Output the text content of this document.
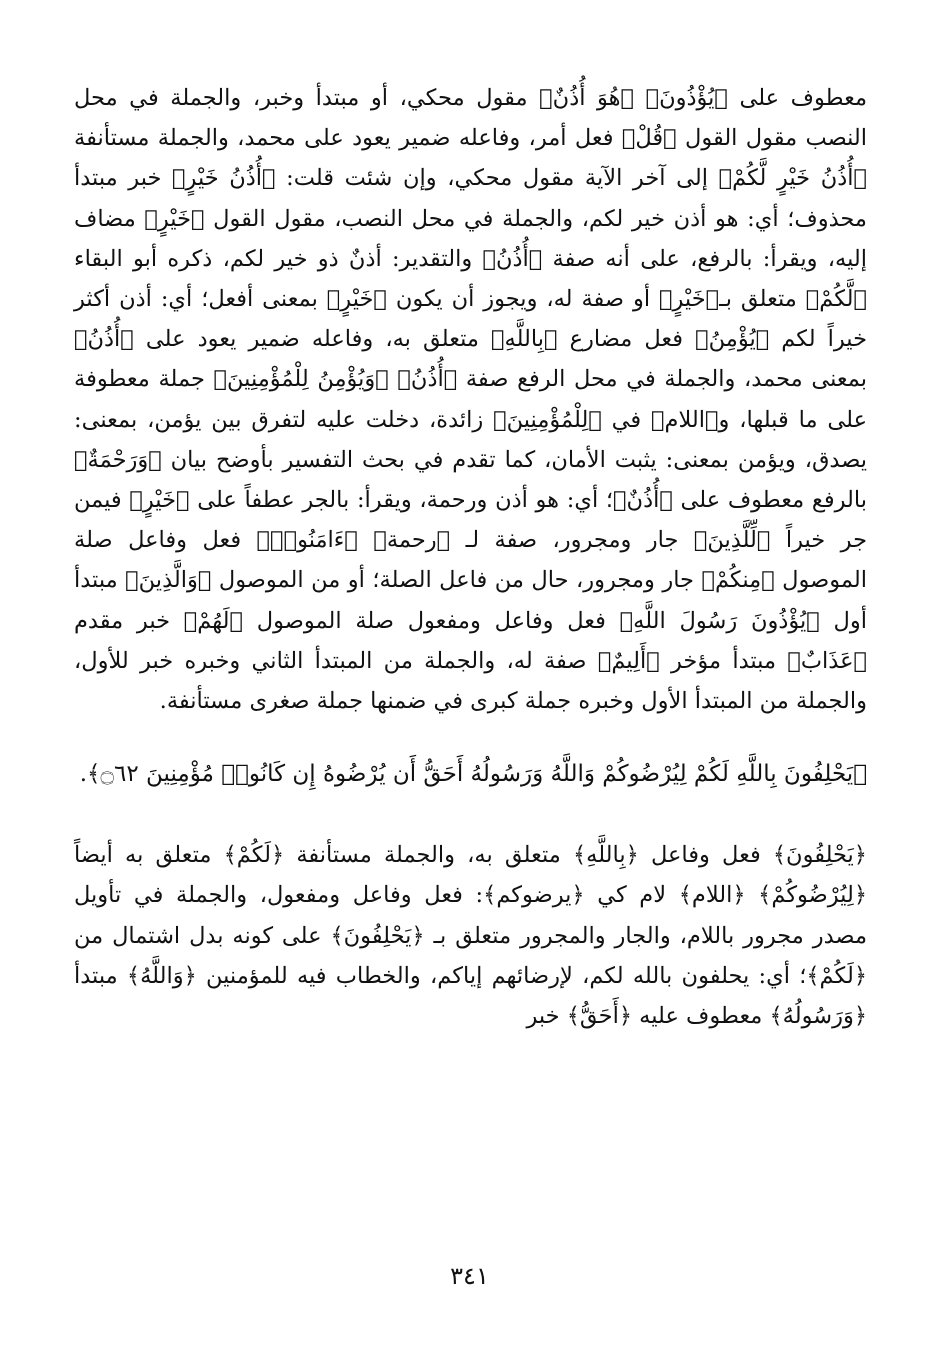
معطوف على ﴿يُؤْذُونَ﴾ ﴿هُوَ أُذُنٌ﴾ مقول محكي، أو مبتدأ وخبر، والجملة في محل النصب مقول القول ﴿قُلْ﴾ فعل أمر، وفاعله ضمير يعود على محمد، والجملة مستأنفة ﴿أُذُنُ خَيْرٍ لَّكُمْ﴾ إلى آخر الآية مقول محكي، وإن شئت قلت: ﴿أُذُنُ خَيْرٍ﴾ خبر مبتدأ محذوف؛ أي: هو أذن خير لكم، والجملة في محل النصب، مقول القول ﴿خَيْرٍ﴾ مضاف إليه، ويقرأ: بالرفع، على أنه صفة ﴿أُذُنُ﴾ والتقدير: أذنٌ ذو خير لكم، ذكره أبو البقاء ﴿لَّكُمْ﴾ متعلق بـ﴿خَيْرٍ﴾ أو صفة له، ويجوز أن يكون ﴿خَيْرٍ﴾ بمعنى أفعل؛ أي: أذن أكثر خيراً لكم ﴿يُؤْمِنُ﴾ فعل مضارع ﴿بِاللَّهِ﴾ متعلق به، وفاعله ضمير يعود على ﴿أُذُنُ﴾ بمعنى محمد، والجملة في محل الرفع صفة ﴿أُذُنُ﴾ ﴿وَيُؤْمِنُ لِلْمُؤْمِنِينَ﴾ جملة معطوفة على ما قبلها، و﴿اللام﴾ في ﴿لِلْمُؤْمِنِينَ﴾ زائدة، دخلت عليه لتفرق بين يؤمن، بمعنى: يصدق، ويؤمن بمعنى: يثبت الأمان، كما تقدم في بحث التفسير بأوضح بيان ﴿وَرَحْمَةٌ﴾ بالرفع معطوف على ﴿أُذُنٌ﴾؛ أي: هو أذن ورحمة، ويقرأ: بالجر عطفاً على ﴿خَيْرٍ﴾ فيمن جر خيراً ﴿لِّلَّذِينَ﴾ جار ومجرور، صفة لـ ﴿رحمة﴾ ﴿ءَامَنُوا۟﴾ فعل وفاعل صلة الموصول ﴿مِنكُمْ﴾ جار ومجرور، حال من فاعل الصلة؛ أو من الموصول ﴿وَالَّذِينَ﴾ مبتدأ أول ﴿يُؤْذُونَ رَسُولَ اللَّهِ﴾ فعل وفاعل ومفعول صلة الموصول ﴿لَهُمْ﴾ خبر مقدم ﴿عَذَابٌ﴾ مبتدأ مؤخر ﴿أَلِيمٌ﴾ صفة له، والجملة من المبتدأ الثاني وخبره خبر للأول، والجملة من المبتدأ الأول وخبره جملة كبرى في ضمنها جملة صغرى مستأنفة.

﴿يَحْلِفُونَ بِاللَّهِ لَكُمْ لِيُرْضُوكُمْ وَاللَّهُ وَرَسُولُهُ أَحَقُّ أَن يُرْضُوهُ إِن كَانُوا۟ مُؤْمِنِينَ ۝٦٢﴾.

﴿يَحْلِفُونَ﴾ فعل وفاعل ﴿بِاللَّهِ﴾ متعلق به، والجملة مستأنفة ﴿لَكُمْ﴾ متعلق به أيضاً ﴿لِيُرْضُوكُمْ﴾ ﴿اللام﴾ لام كي ﴿يرضوكم﴾: فعل وفاعل ومفعول، والجملة في تأويل مصدر مجرور باللام، والجار والمجرور متعلق بـ ﴿يَحْلِفُونَ﴾ على كونه بدل اشتمال من ﴿لَكُمْ﴾؛ أي: يحلفون بالله لكم، لإرضائهم إياكم، والخطاب فيه للمؤمنين ﴿وَاللَّهُ﴾ مبتدأ ﴿وَرَسُولُهُ﴾ معطوف عليه ﴿أَحَقُّ﴾ خبر

٣٤١
